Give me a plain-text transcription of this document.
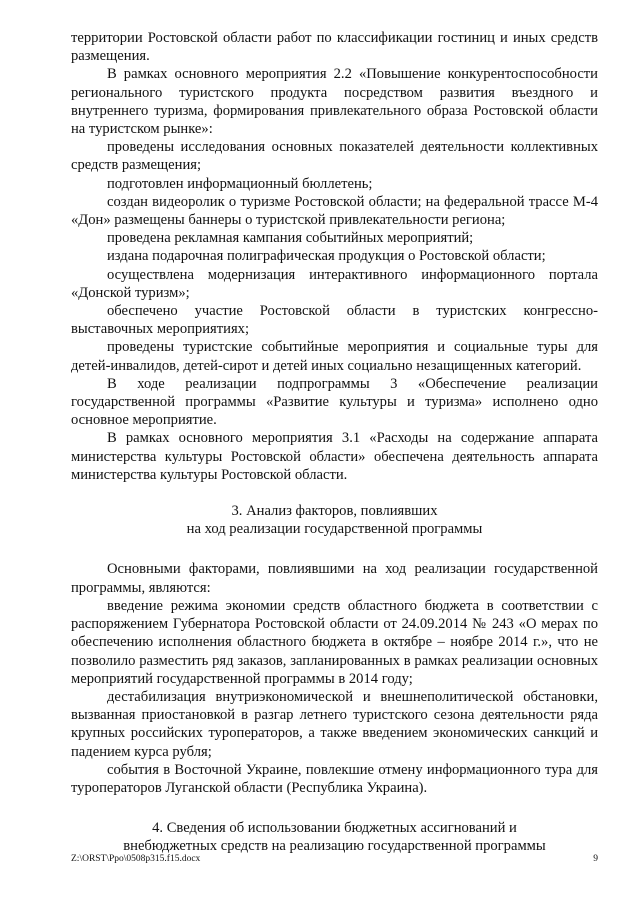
территории Ростовской области работ по классификации гостиниц и иных средств размещения.

В рамках основного мероприятия 2.2 «Повышение конкурентоспособности регионального туристского продукта посредством развития въездного и внутреннего туризма, формирования привлекательного образа Ростовской области на туристском рынке»:

проведены исследования основных показателей деятельности коллективных средств размещения;

подготовлен информационный бюллетень;

создан видеоролик о туризме Ростовской области; на федеральной трассе М-4 «Дон» размещены баннеры о туристской привлекательности региона;

проведена рекламная кампания событийных мероприятий;

издана подарочная полиграфическая продукция о Ростовской области;

осуществлена модернизация интерактивного информационного портала «Донской туризм»;

обеспечено участие Ростовской области в туристских конгрессно-выставочных мероприятиях;

проведены туристские событийные мероприятия и социальные туры для детей-инвалидов, детей-сирот и детей иных социально незащищенных категорий.

В ходе реализации подпрограммы 3 «Обеспечение реализации государственной программы «Развитие культуры и туризма» исполнено одно основное мероприятие.

В рамках основного мероприятия 3.1 «Расходы на содержание аппарата министерства культуры Ростовской области» обеспечена деятельность аппарата министерства культуры Ростовской области.

3. Анализ факторов, повлиявших
на ход реализации государственной программы

Основными факторами, повлиявшими на ход реализации государственной программы, являются:

введение режима экономии средств областного бюджета в соответствии с распоряжением Губернатора Ростовской области от 24.09.2014 № 243 «О мерах по обеспечению исполнения областного бюджета в октябре – ноябре 2014 г.», что не позволило разместить ряд заказов, запланированных в рамках реализации основных мероприятий государственной программы в 2014 году;

дестабилизация внутриэкономической и внешнеполитической обстановки, вызванная приостановкой в разгар летнего туристского сезона деятельности ряда крупных российских туроператоров, а также введением экономических санкций и падением курса рубля;

события в Восточной Украине, повлекшие отмену информационного тура для туроператоров Луганской области (Республика Украина).

4. Сведения об использовании бюджетных ассигнований и
внебюджетных средств на реализацию государственной программы
Z:\ORST\Ppo\0508p315.f15.docx	9
